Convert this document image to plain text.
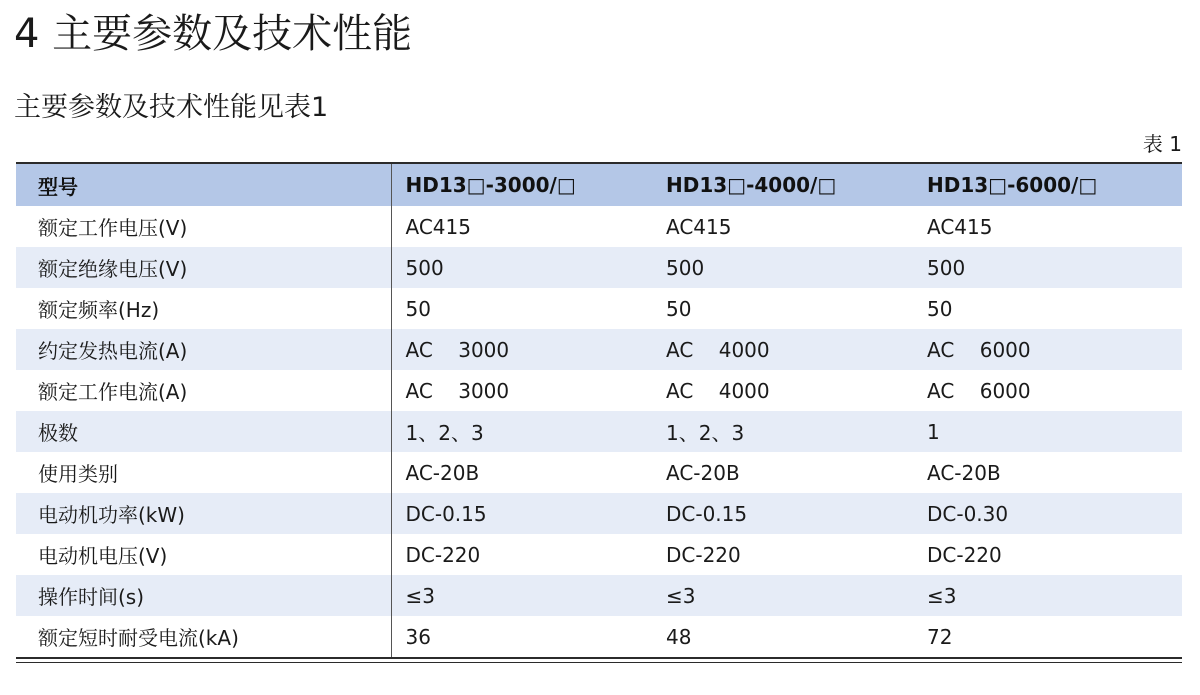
4 主要参数及技术性能
主要参数及技术性能见表1
表 1
型号	HD13□-3000/□	HD13□-4000/□	HD13□-6000/□
额定工作电压(V)	AC415	AC415	AC415
额定绝缘电压(V)	500	500	500
额定频率(Hz)	50	50	50
约定发热电流(A)	AC    3000	AC    4000	AC    6000
额定工作电流(A)	AC    3000	AC    4000	AC    6000
极数	1、2、3	1、2、3	1
使用类别	AC-20B	AC-20B	AC-20B
电动机功率(kW)	DC-0.15	DC-0.15	DC-0.30
电动机电压(V)	DC-220	DC-220	DC-220
操作时间(s)	≤3	≤3	≤3
额定短时耐受电流(kA)	36	48	72
